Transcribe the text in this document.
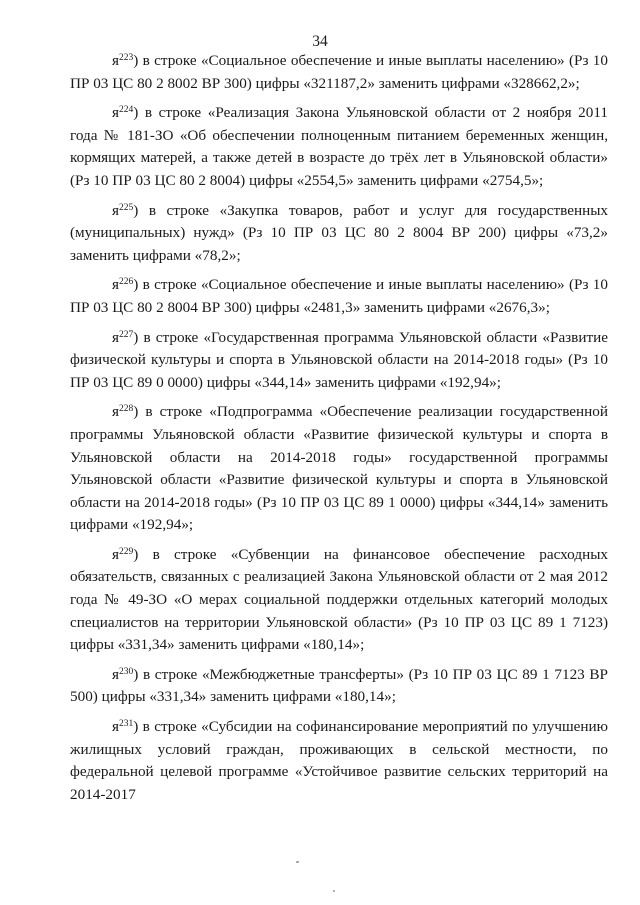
34

$я^{223}$) в строке «Социальное обеспечение и иные выплаты населению» (Рз 10 ПР 03 ЦС 80 2 8002 ВР 300) цифры «321187,2» заменить цифрами «328662,2»;

$я^{224}$) в строке «Реализация Закона Ульяновской области от 2 ноября 2011 года № 181-ЗО «Об обеспечении полноценным питанием беременных женщин, кормящих матерей, а также детей в возрасте до трёх лет в Ульяновской области» (Рз 10 ПР 03 ЦС 80 2 8004) цифры «2554,5» заменить цифрами «2754,5»;

$я^{225}$) в строке «Закупка товаров, работ и услуг для государственных (муниципальных) нужд» (Рз 10 ПР 03 ЦС 80 2 8004 ВР 200) цифры «73,2» заменить цифрами «78,2»;

$я^{226}$) в строке «Социальное обеспечение и иные выплаты населению» (Рз 10 ПР 03 ЦС 80 2 8004 ВР 300) цифры «2481,3» заменить цифрами «2676,3»;

$я^{227}$) в строке «Государственная программа Ульяновской области «Развитие физической культуры и спорта в Ульяновской области на 2014-2018 годы» (Рз 10 ПР 03 ЦС 89 0 0000) цифры «344,14» заменить цифрами «192,94»;

$я^{228}$) в строке «Подпрограмма «Обеспечение реализации государственной программы Ульяновской области «Развитие физической культуры и спорта в Ульяновской области на 2014-2018 годы» государственной программы Ульяновской области «Развитие физической культуры и спорта в Ульяновской области на 2014-2018 годы» (Рз 10 ПР 03 ЦС 89 1 0000) цифры «344,14» заменить цифрами «192,94»;

$я^{229}$) в строке «Субвенции на финансовое обеспечение расходных обязательств, связанных с реализацией Закона Ульяновской области от 2 мая 2012 года № 49-ЗО «О мерах социальной поддержки отдельных категорий молодых специалистов на территории Ульяновской области» (Рз 10 ПР 03 ЦС 89 1 7123) цифры «331,34» заменить цифрами «180,14»;

$я^{230}$) в строке «Межбюджетные трансферты» (Рз 10 ПР 03 ЦС 89 1 7123 ВР 500) цифры «331,34» заменить цифрами «180,14»;

$я^{231}$) в строке «Субсидии на софинансирование мероприятий по улучшению жилищных условий граждан, проживающих в сельской местности, по федеральной целевой программе «Устойчивое развитие сельских территорий на 2014-2017
